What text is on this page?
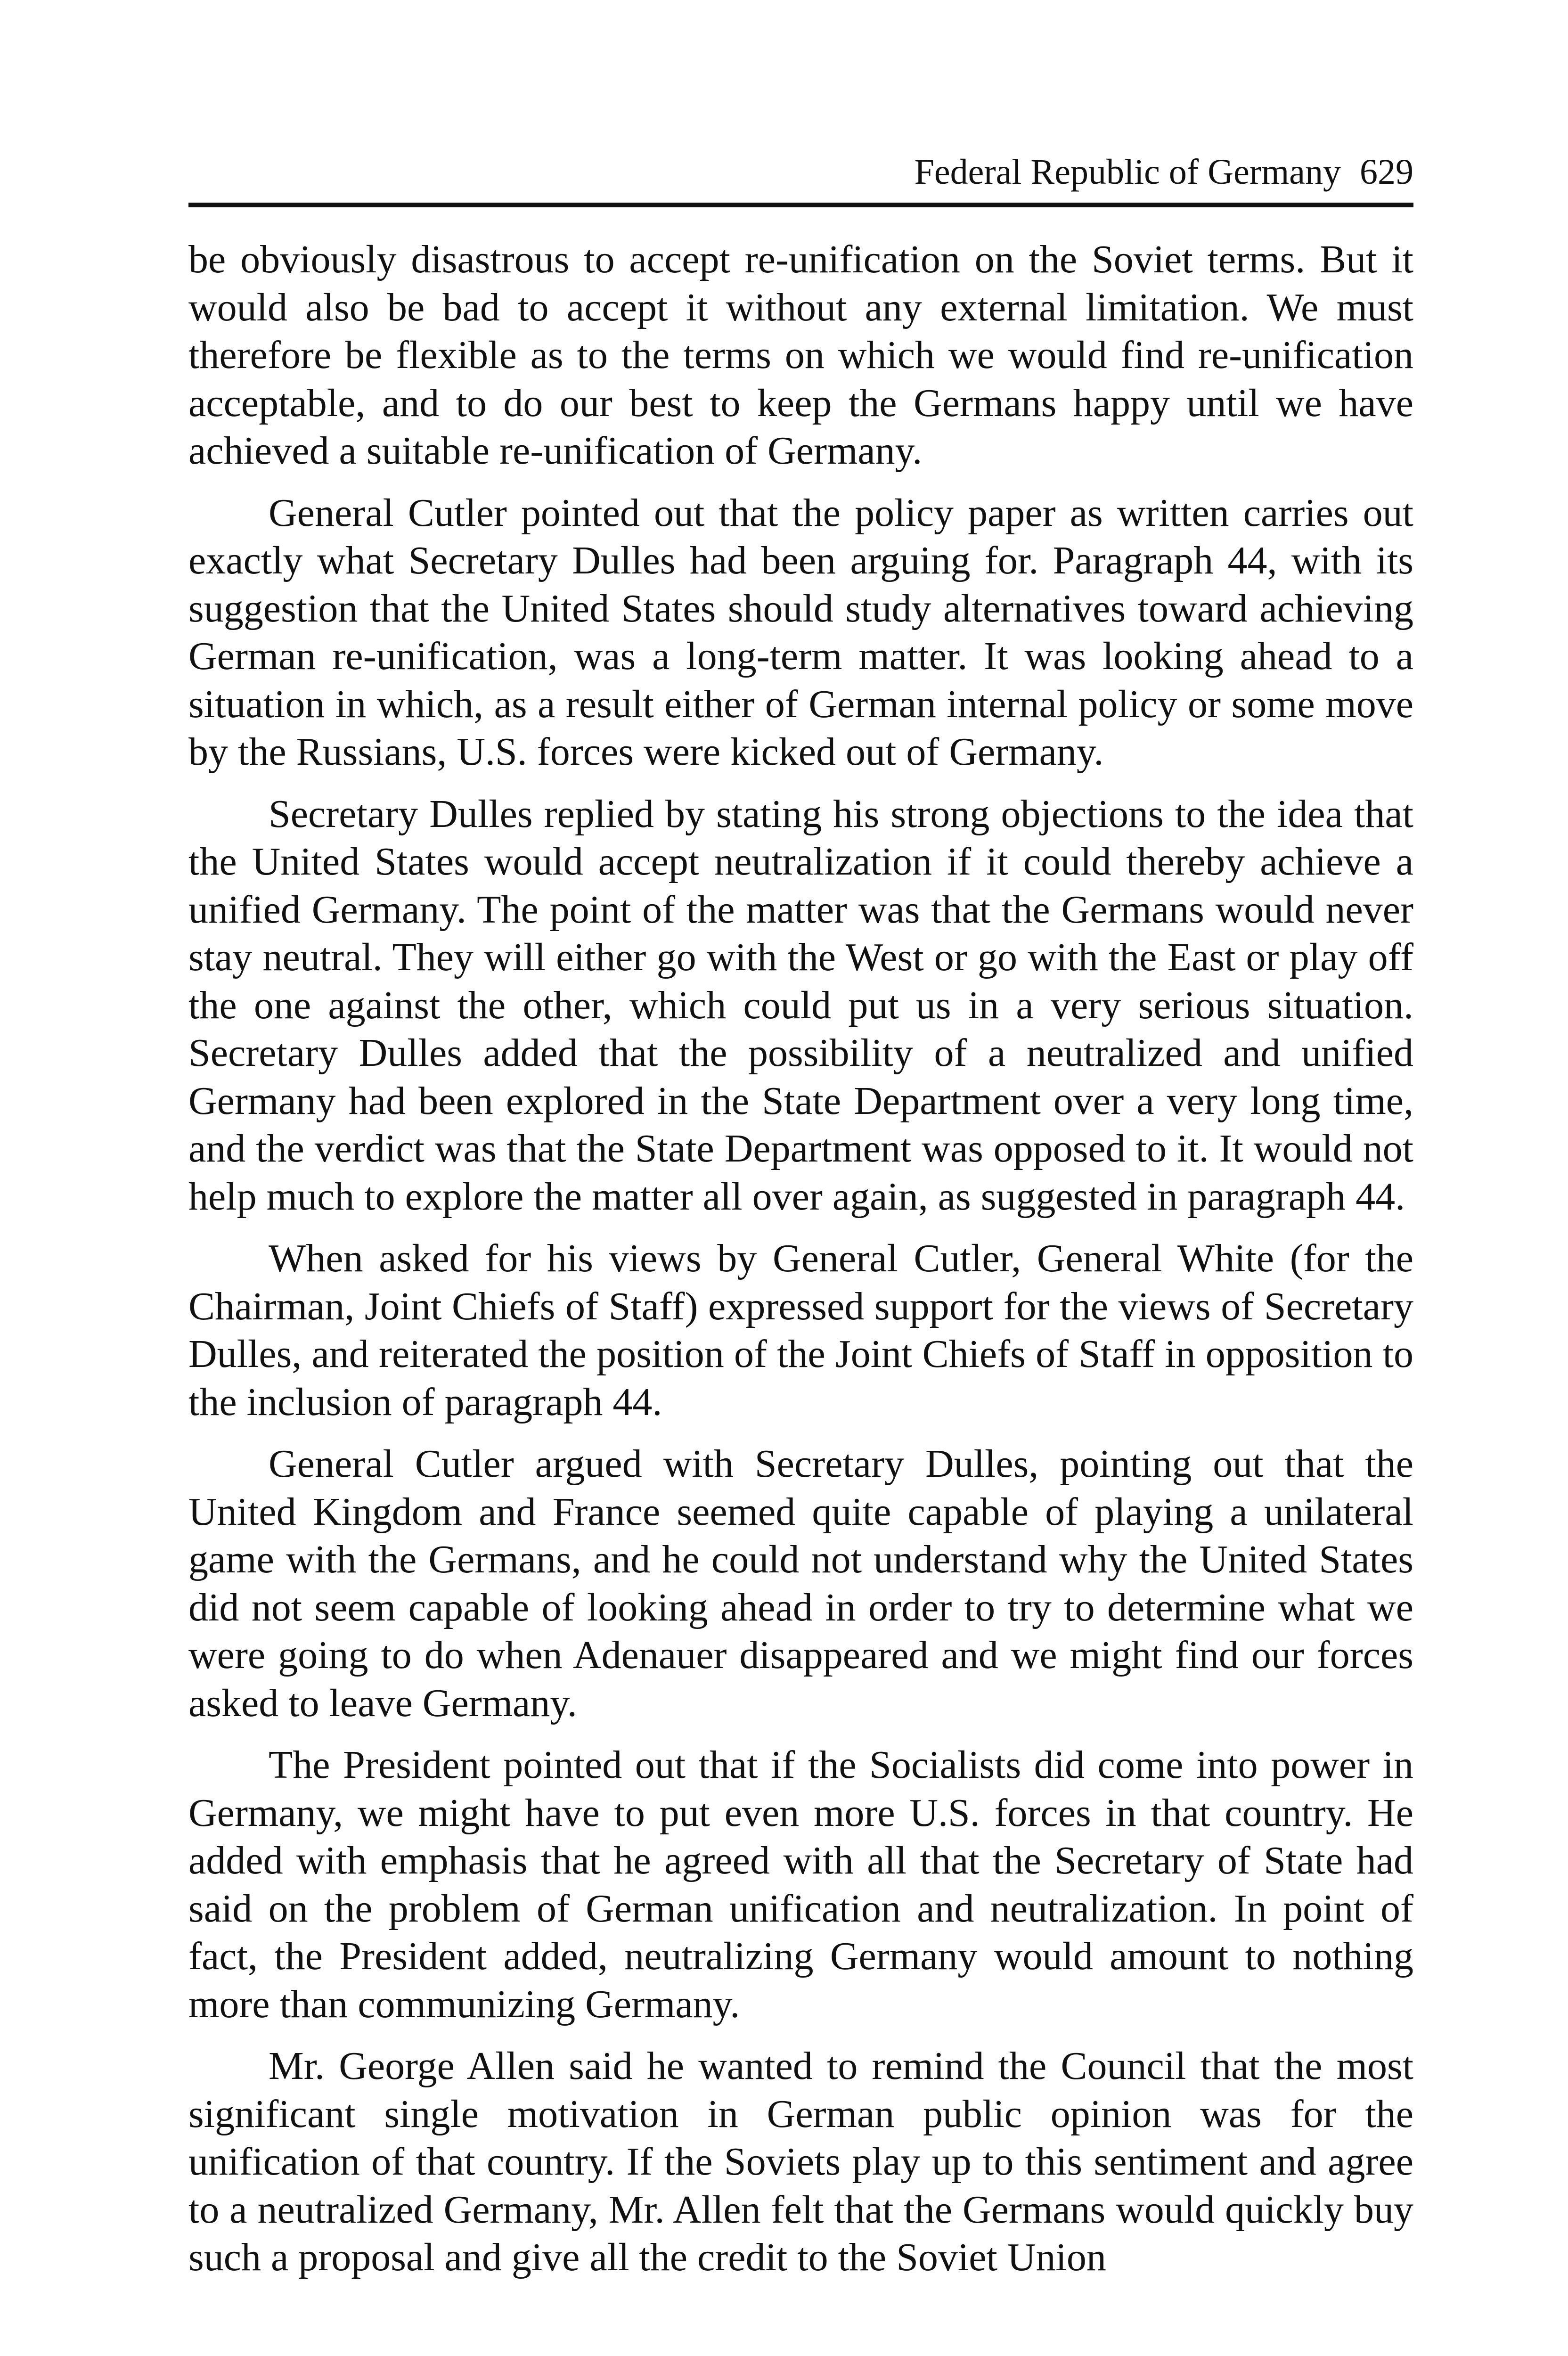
Federal Republic of Germany 629

be obviously disastrous to accept re-unification on the Soviet terms. But it would also be bad to accept it without any external limitation. We must therefore be flexible as to the terms on which we would find re-unification acceptable, and to do our best to keep the Germans happy until we have achieved a suitable re-unification of Germany.

General Cutler pointed out that the policy paper as written carries out exactly what Secretary Dulles had been arguing for. Paragraph 44, with its suggestion that the United States should study alternatives toward achieving German re-unification, was a long-term matter. It was looking ahead to a situation in which, as a result either of German internal policy or some move by the Russians, U.S. forces were kicked out of Germany.

Secretary Dulles replied by stating his strong objections to the idea that the United States would accept neutralization if it could thereby achieve a unified Germany. The point of the matter was that the Germans would never stay neutral. They will either go with the West or go with the East or play off the one against the other, which could put us in a very serious situation. Secretary Dulles added that the possibility of a neutralized and unified Germany had been explored in the State Department over a very long time, and the verdict was that the State Department was opposed to it. It would not help much to explore the matter all over again, as suggested in paragraph 44.

When asked for his views by General Cutler, General White (for the Chairman, Joint Chiefs of Staff) expressed support for the views of Secretary Dulles, and reiterated the position of the Joint Chiefs of Staff in opposition to the inclusion of paragraph 44.

General Cutler argued with Secretary Dulles, pointing out that the United Kingdom and France seemed quite capable of playing a unilateral game with the Germans, and he could not understand why the United States did not seem capable of looking ahead in order to try to determine what we were going to do when Adenauer disappeared and we might find our forces asked to leave Germany.

The President pointed out that if the Socialists did come into power in Germany, we might have to put even more U.S. forces in that country. He added with emphasis that he agreed with all that the Secretary of State had said on the problem of German unification and neutralization. In point of fact, the President added, neutralizing Germany would amount to nothing more than communizing Germany.

Mr. George Allen said he wanted to remind the Council that the most significant single motivation in German public opinion was for the unification of that country. If the Soviets play up to this sentiment and agree to a neutralized Germany, Mr. Allen felt that the Germans would quickly buy such a proposal and give all the credit to the Soviet Union
